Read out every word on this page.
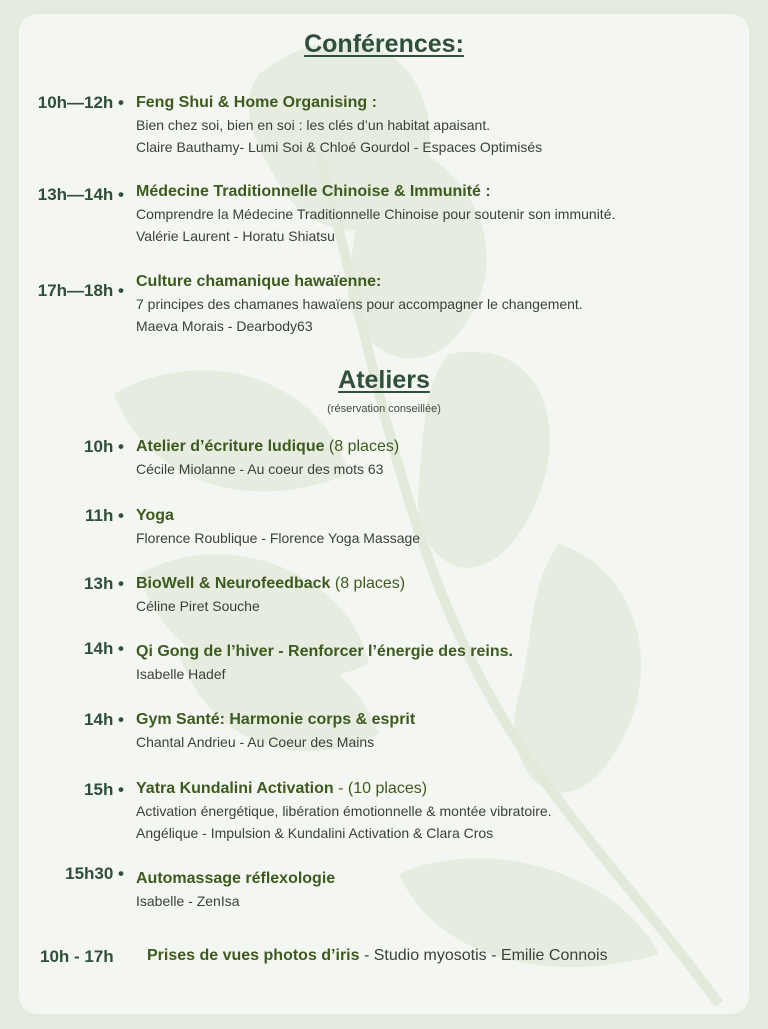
Conférences:
10h—12h • Feng Shui & Home Organising :
Bien chez soi, bien en soi : les clés d’un habitat apaisant.
Claire Bauthamy- Lumi Soi & Chloé Gourdol - Espaces Optimisés
13h—14h • Médecine Traditionnelle Chinoise & Immunité :
Comprendre la Médecine Traditionnelle Chinoise pour soutenir son immunité.
Valérie Laurent - Horatu Shiatsu
17h—18h • Culture chamanique hawaïenne:
7 principes des chamanes hawaïens pour accompagner le changement.
Maeva Morais - Dearbody63
Ateliers
(réservation conseillée)
10h • Atelier d’écriture ludique (8 places)
Cécile Miolanne - Au coeur des mots 63
11h • Yoga
Florence Roublique - Florence Yoga Massage
13h • BioWell & Neurofeedback (8 places)
Céline Piret Souche
14h • Qi Gong de l’hiver - Renforcer l’énergie des reins.
Isabelle Hadef
14h • Gym Santé: Harmonie corps & esprit
Chantal Andrieu - Au Coeur des Mains
15h • Yatra Kundalini Activation - (10 places)
Activation énergétique, libération émotionnelle & montée vibratoire.
Angélique - Impulsion & Kundalini Activation & Clara Cros
15h30 • Automassage réflexologie
Isabelle - ZenIsa
10h - 17h Prises de vues photos d’iris - Studio myosotis - Emilie Connois
